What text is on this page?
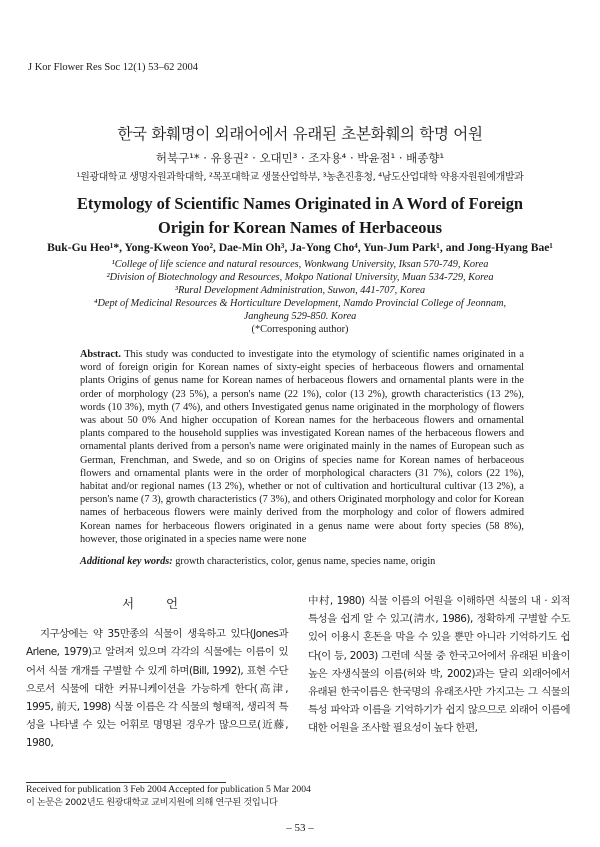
J Kor Flower Res Soc 12(1) 53–62 2004
한국 화훼명이 외래어에서 유래된 초본화훼의 학명 어원
허북구¹* · 유용권² · 오대민³ · 조자용⁴ · 박윤점¹ · 배종향¹
¹원광대학교 생명자원과학대학, ²목포대학교 생물산업학부, ³농촌진흥청, ⁴남도산업대학 약용자원원예개발과
Etymology of Scientific Names Originated in A Word of Foreign
Origin for Korean Names of Herbaceous
Buk-Gu Heo¹*, Yong-Kweon Yoo², Dae-Min Oh³, Ja-Yong Cho⁴, Yun-Jum Park¹, and Jong-Hyang Bae¹
¹College of life science and natural resources, Wonkwang University, Iksan 570-749, Korea
²Division of Biotechnology and Resources, Mokpo National University, Muan 534-729, Korea
³Rural Development Administration, Suwon, 441-707, Korea
⁴Dept of Medicinal Resources & Horticulture Development, Namdo Provincial College of Jeonnam,
Jangheung 529-850. Korea
(*Corresponing author)
Abstract. This study was conducted to investigate into the etymology of scientific names originated in a word of foreign origin for Korean names of sixty-eight species of herbaceous flowers and ornamental plants Origins of genus name for Korean names of herbaceous flowers and ornamental plants were in the order of morphology (23 5%), a person's name (22 1%), color (13 2%), growth characteristics (13 2%), words (10 3%), myth (7 4%), and others Investigated genus name originated in the morphology of flowers was about 50 0% And higher occupation of Korean names for the herbaceous flowers and ornamental plants compared to the household supplies was investigated Korean names of the herbaceous flowers and ornamental plants derived from a person's name were originated mainly in the names of European such as German, Frenchman, and Swede, and so on Origins of species name for Korean names of herbaceous flowers and ornamental plants were in the order of morphological characters (31 7%), colors (22 1%), habitat and/or regional names (13 2%), whether or not of cultivation and horticultural cultivar (13 2%), a person's name (7 3), growth characteristics (7 3%), and others Originated morphology and color for Korean names of herbaceous flowers were mainly derived from the morphology and color of flowers admired Korean names for herbaceous flowers originated in a genus name were about forty species (58 8%), however, those originated in a species name were none
Additional key words: growth characteristics, color, genus name, species name, origin
서 언

지구상에는 약 35만종의 식물이 생육하고 있다(Jones과 Arlene, 1979)고 알려져 있으며 각각의 식물에는 이름이 있어서 식물 개개를 구별할 수 있게 하며(Bill, 1992), 표현 수단으로서 식물에 대한 커뮤니케이션을 가능하게 한다(高津, 1995, 前天, 1998) 식물 이름은 각 식물의 형태적, 생리적 특성을 나타낼 수 있는 어휘로 명명된 경우가 많으므로(近藤, 1980,

中村, 1980) 식물 이름의 어원을 이해하면 식물의 내 · 외적 특성을 쉽게 알 수 있고(淸水, 1986), 정확하게 구별할 수도 있어 이용시 혼돈을 막을 수 있을 뿐만 아니라 기억하기도 쉽다(이 등, 2003) 그런데 식물 중 한국고어에서 유래된 비율이 높은 자생식물의 이름(허와 박, 2002)과는 달리 외래어에서 유래된 한국이름은 한국명의 유래조사만 가지고는 그 식물의 특성 파악과 이름을 기억하기가 쉽지 않으므로 외래어 이름에 대한 어원을 조사할 필요성이 높다 한편,

Received for publication 3 Feb 2004 Accepted for publication 5 Mar 2004
이 논문은 2002년도 원광대학교 교비지원에 의해 연구된 것입니다
– 53 –
